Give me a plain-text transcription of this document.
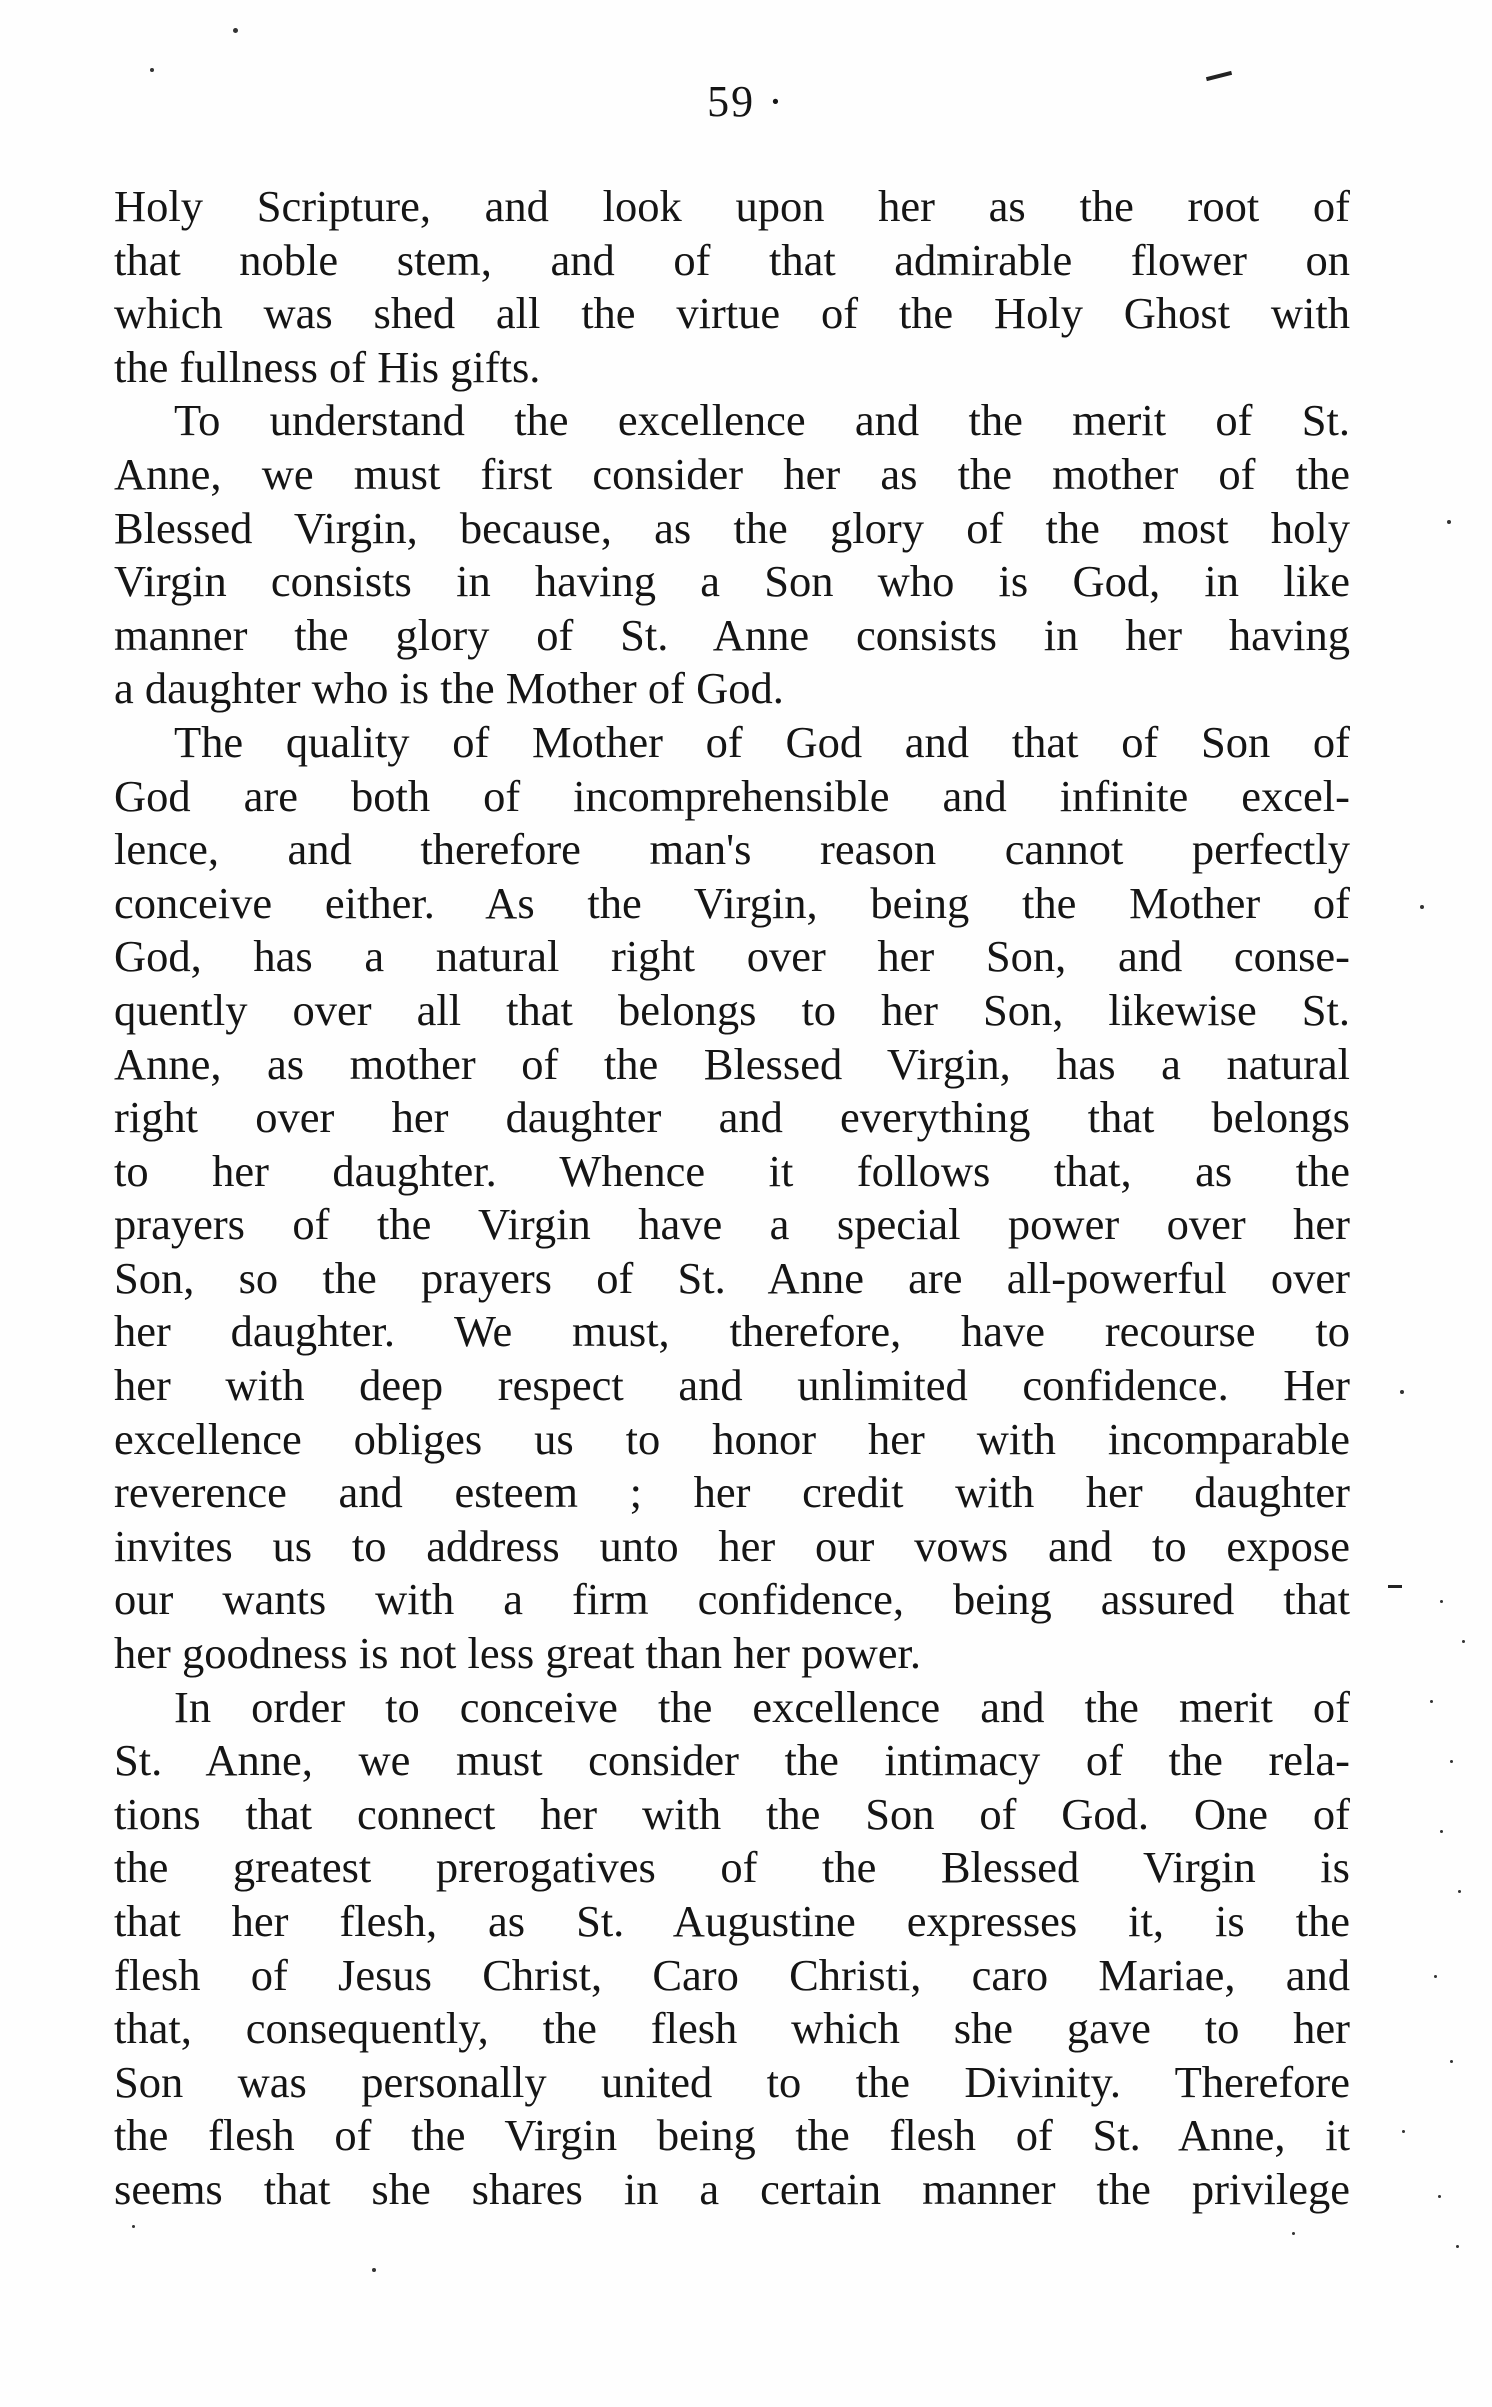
59 ·
Holy Scripture, and look upon her as the root of
that noble stem, and of that admirable flower on
which was shed all the virtue of the Holy Ghost with
the fullness of His gifts.
To understand the excellence and the merit of St.
Anne, we must first consider her as the mother of the
Blessed Virgin, because, as the glory of the most holy
Virgin consists in having a Son who is God, in like
manner the glory of St. Anne consists in her having
a daughter who is the Mother of God.
The quality of Mother of God and that of Son of
God are both of incomprehensible and infinite excel-
lence, and therefore man's reason cannot perfectly
conceive either. As the Virgin, being the Mother of
God, has a natural right over her Son, and conse-
quently over all that belongs to her Son, likewise St.
Anne, as mother of the Blessed Virgin, has a natural
right over her daughter and everything that belongs
to her daughter. Whence it follows that, as the
prayers of the Virgin have a special power over her
Son, so the prayers of St. Anne are all-powerful over
her daughter. We must, therefore, have recourse to
her with deep respect and unlimited confidence. Her
excellence obliges us to honor her with incomparable
reverence and esteem ; her credit with her daughter
invites us to address unto her our vows and to expose
our wants with a firm confidence, being assured that
her goodness is not less great than her power.
In order to conceive the excellence and the merit of
St. Anne, we must consider the intimacy of the rela-
tions that connect her with the Son of God. One of
the greatest prerogatives of the Blessed Virgin is
that her flesh, as St. Augustine expresses it, is the
flesh of Jesus Christ, Caro Christi, caro Mariae, and
that, consequently, the flesh which she gave to her
Son was personally united to the Divinity. Therefore
the flesh of the Virgin being the flesh of St. Anne, it
seems that she shares in a certain manner the privilege
